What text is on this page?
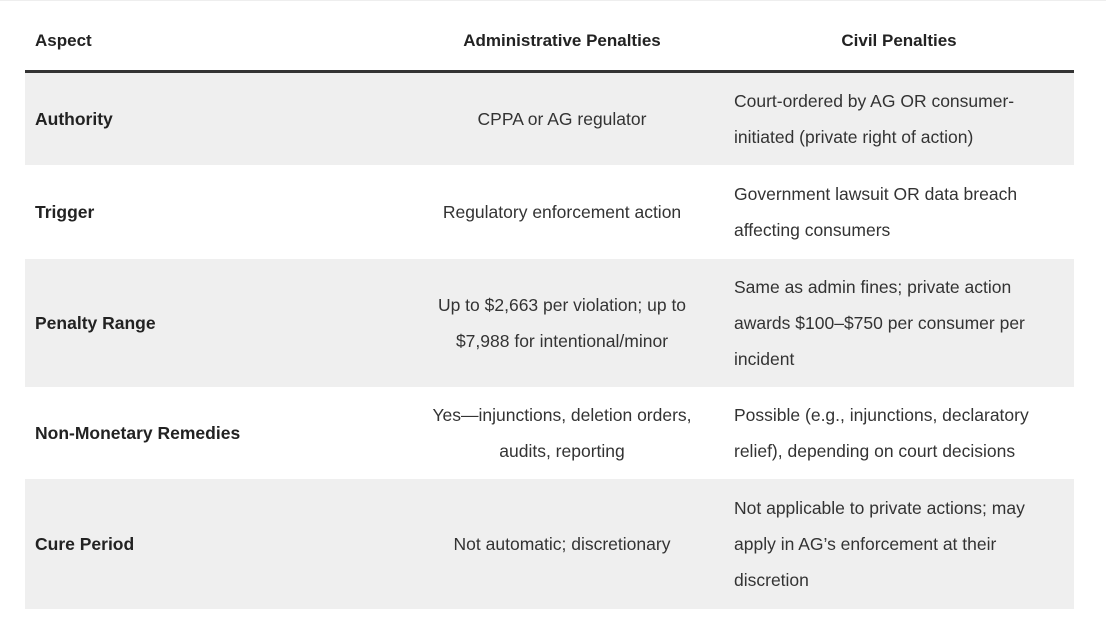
Aspect	Administrative Penalties	Civil Penalties
Authority	CPPA or AG regulator	Court-ordered by AG OR consumer-initiated (private right of action)
Trigger	Regulatory enforcement action	Government lawsuit OR data breach affecting consumers
Penalty Range	Up to $2,663 per violation; up to $7,988 for intentional/minor	Same as admin fines; private action awards $100–$750 per consumer per incident
Non-Monetary Remedies	Yes—injunctions, deletion orders, audits, reporting	Possible (e.g., injunctions, declaratory relief), depending on court decisions
Cure Period	Not automatic; discretionary	Not applicable to private actions; may apply in AG’s enforcement at their discretion
